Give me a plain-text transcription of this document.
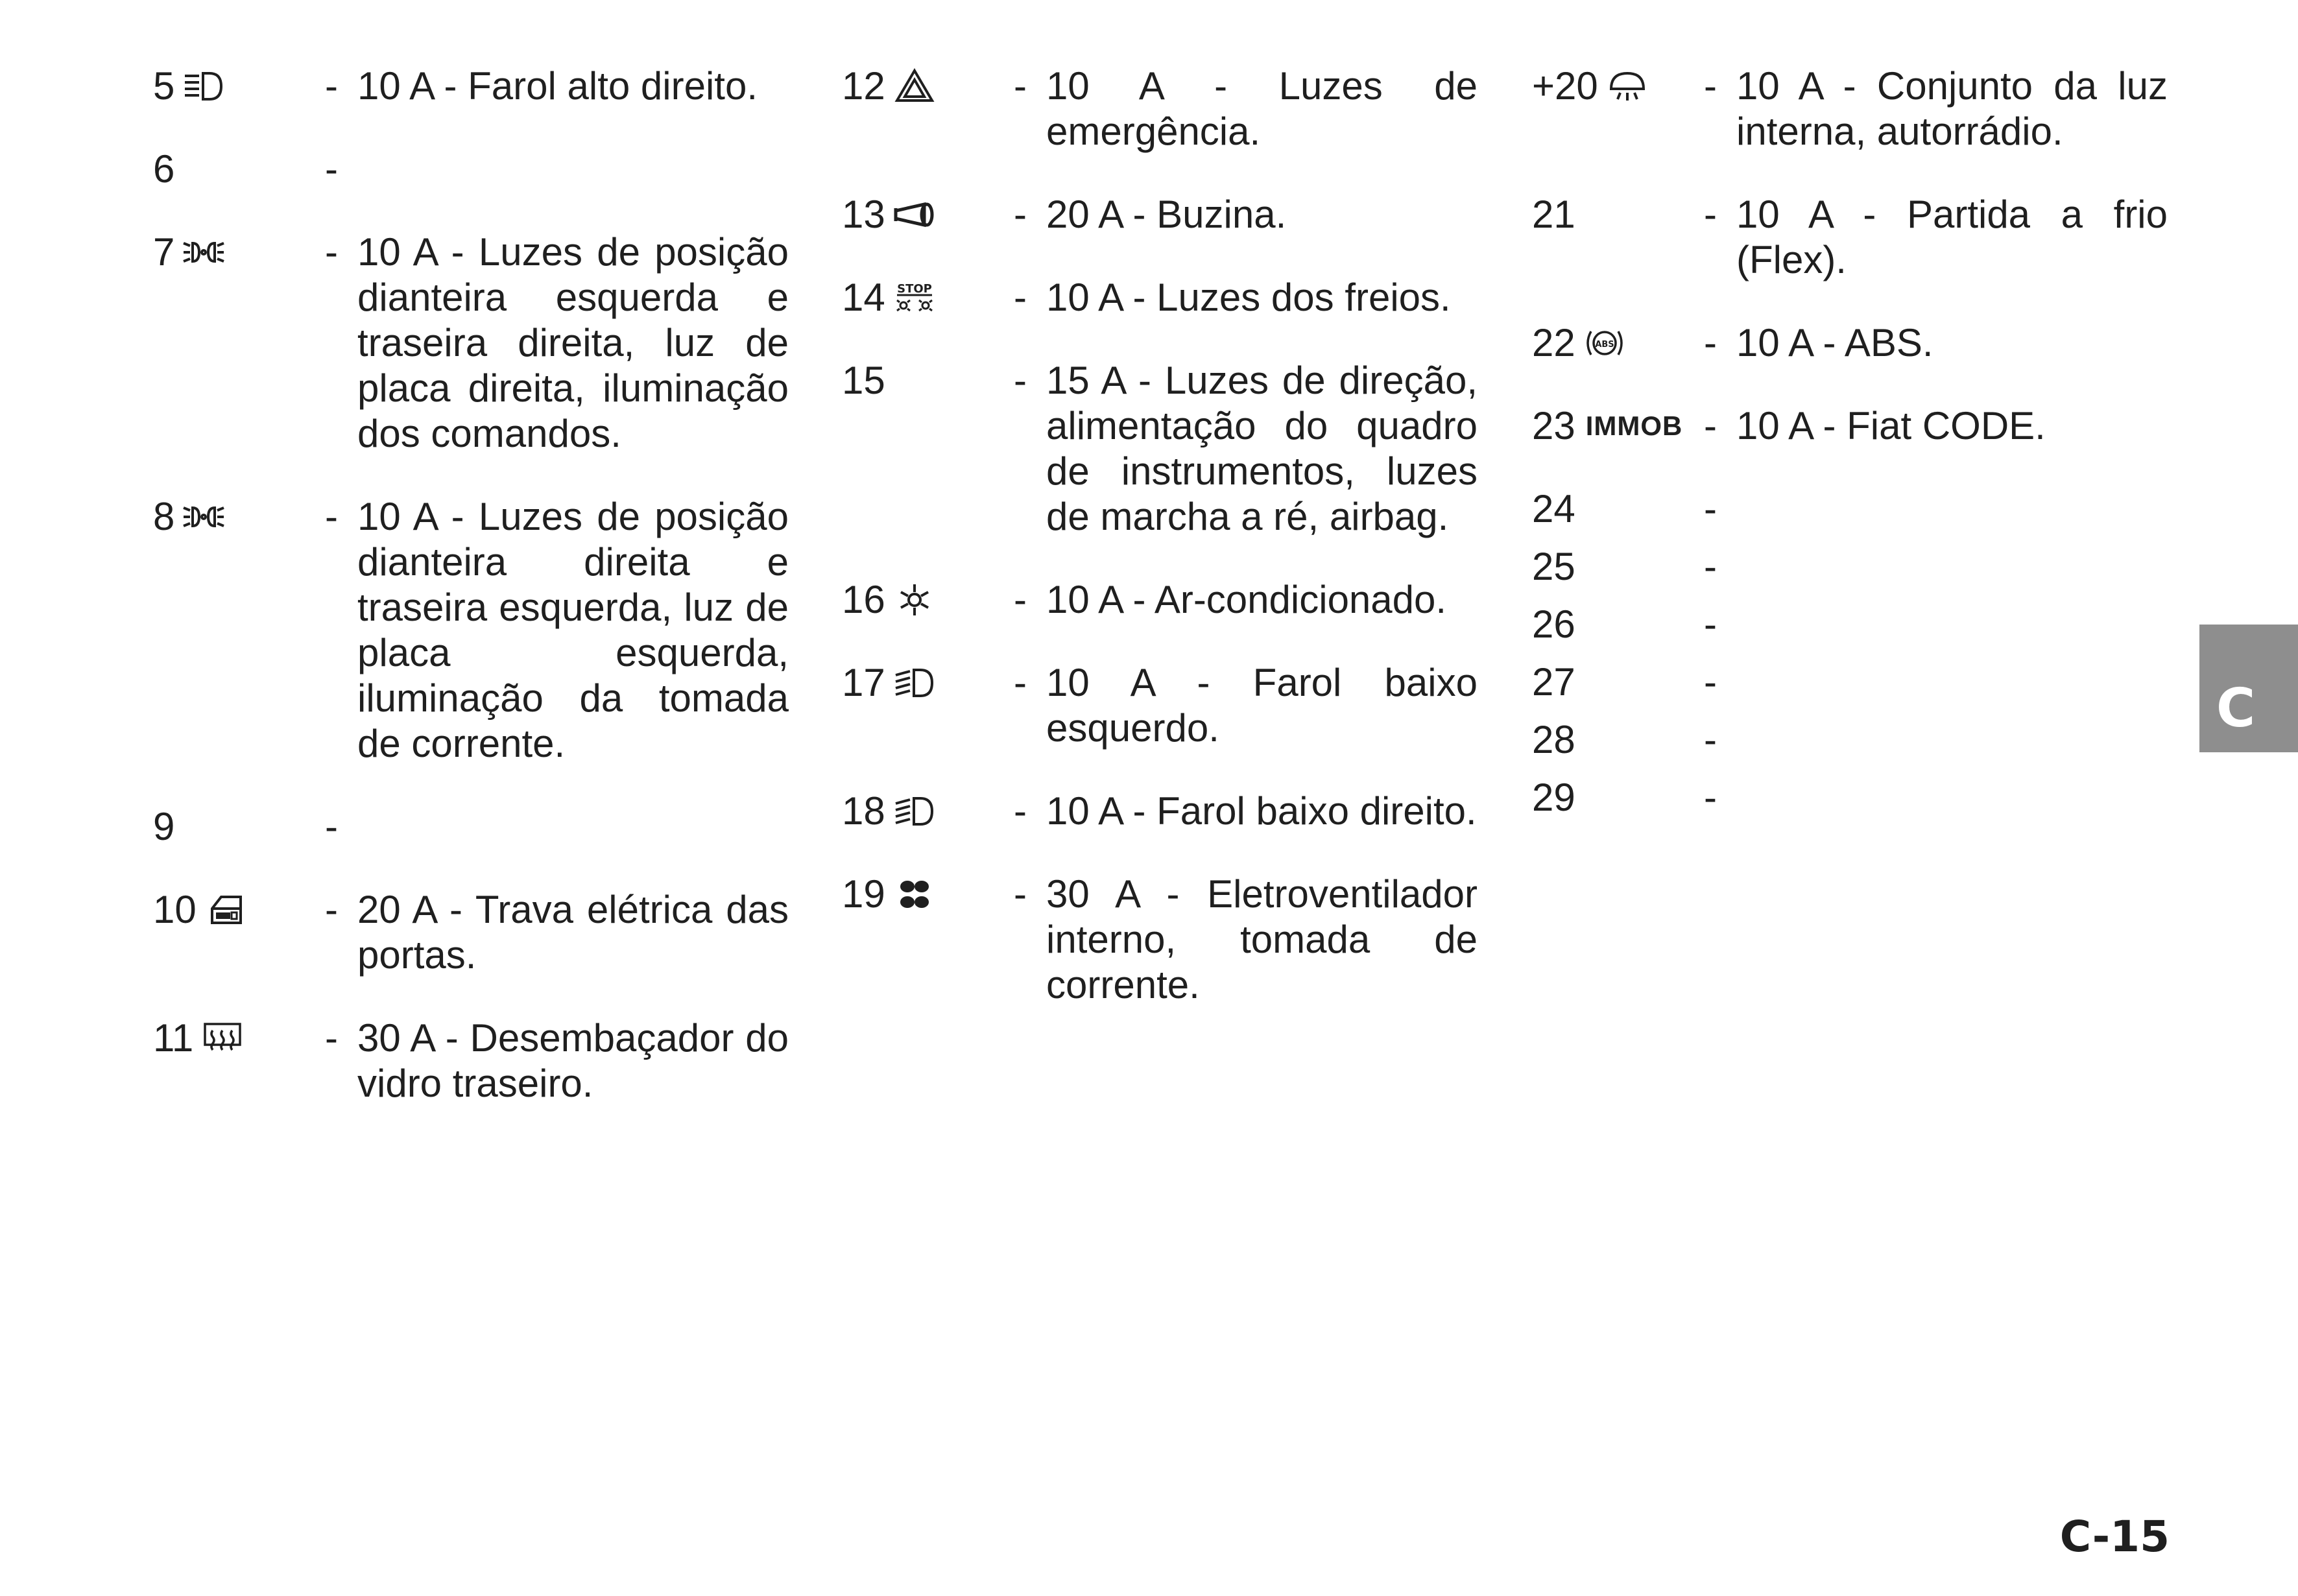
5	- 10 A - Farol alto direito.
6	-
7	- 10 A - Luzes de posição dianteira esquerda e traseira direita, luz de placa direita, iluminação dos comandos.
8	- 10 A - Luzes de posição dianteira direita e traseira esquerda, luz de placa esquerda, iluminação da tomada de corrente.
9	-
10	- 20 A - Trava elétrica das portas.
11	- 30 A - Desembaçador do vidro traseiro.
12	- 10 A - Luzes de emergência.
13	- 20 A - Buzina.
14 STOP - 10 A - Luzes dos freios.
15	- 15 A - Luzes de direção, alimentação do quadro de instrumentos, luzes de marcha a ré, airbag.
16	- 10 A - Ar-condicionado.
17	- 10 A - Farol baixo esquerdo.
18	- 10 A - Farol baixo direito.
19	- 30 A - Eletroventilador interno, tomada de corrente.
+20	- 10 A - Conjunto da luz interna, autorrádio.
21	- 10 A - Partida a frio (Flex).
22 ABS - 10 A - ABS.
23 IMMOB - 10 A - Fiat CODE.
24	-
25	-
26	-
27	-
28	-
29	-
C
C-15
